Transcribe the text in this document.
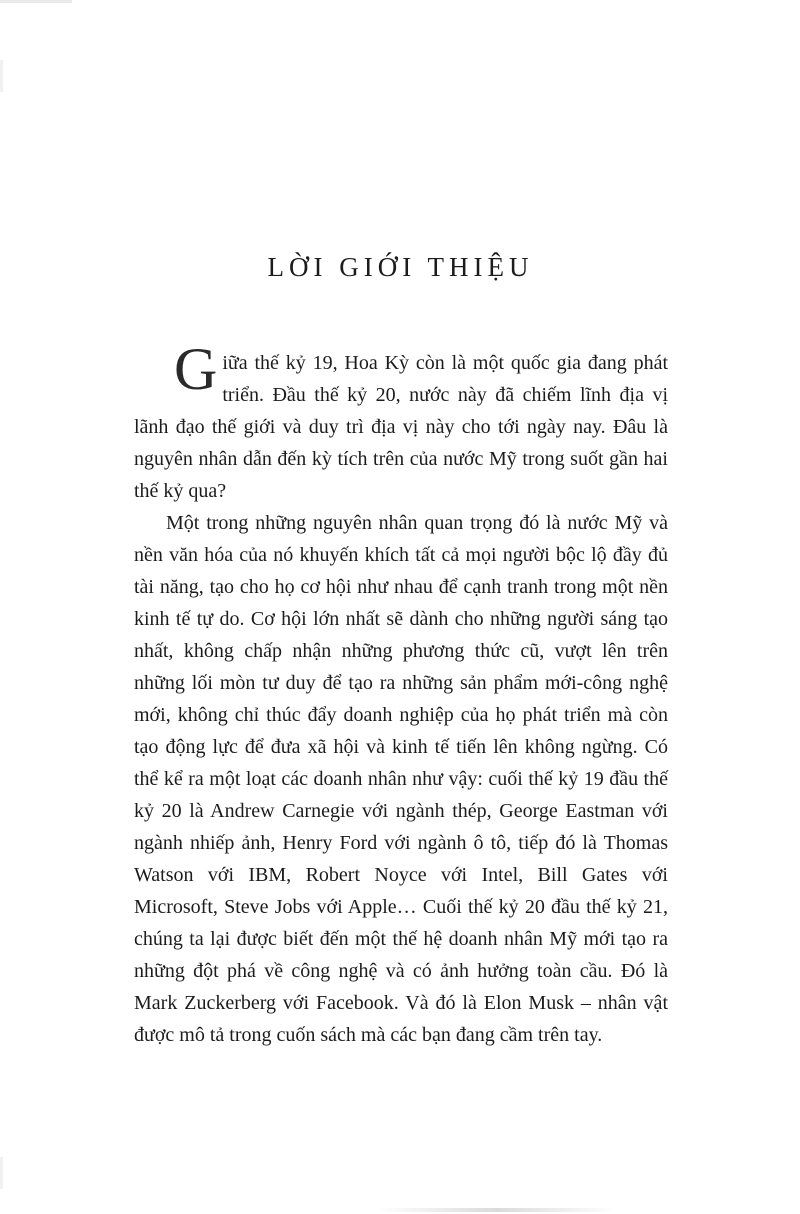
LỜI GIỚI THIỆU

Giữa thế kỷ 19, Hoa Kỳ còn là một quốc gia đang phát triển. Đầu thế kỷ 20, nước này đã chiếm lĩnh địa vị lãnh đạo thế giới và duy trì địa vị này cho tới ngày nay. Đâu là nguyên nhân dẫn đến kỳ tích trên của nước Mỹ trong suốt gần hai thế kỷ qua?

Một trong những nguyên nhân quan trọng đó là nước Mỹ và nền văn hóa của nó khuyến khích tất cả mọi người bộc lộ đầy đủ tài năng, tạo cho họ cơ hội như nhau để cạnh tranh trong một nền kinh tế tự do. Cơ hội lớn nhất sẽ dành cho những người sáng tạo nhất, không chấp nhận những phương thức cũ, vượt lên trên những lối mòn tư duy để tạo ra những sản phẩm mới-công nghệ mới, không chỉ thúc đẩy doanh nghiệp của họ phát triển mà còn tạo động lực để đưa xã hội và kinh tế tiến lên không ngừng. Có thể kể ra một loạt các doanh nhân như vậy: cuối thế kỷ 19 đầu thế kỷ 20 là Andrew Carnegie với ngành thép, George Eastman với ngành nhiếp ảnh, Henry Ford với ngành ô tô, tiếp đó là Thomas Watson với IBM, Robert Noyce với Intel, Bill Gates với Microsoft, Steve Jobs với Apple… Cuối thế kỷ 20 đầu thế kỷ 21, chúng ta lại được biết đến một thế hệ doanh nhân Mỹ mới tạo ra những đột phá về công nghệ và có ảnh hưởng toàn cầu. Đó là Mark Zuckerberg với Facebook. Và đó là Elon Musk – nhân vật được mô tả trong cuốn sách mà các bạn đang cầm trên tay.
